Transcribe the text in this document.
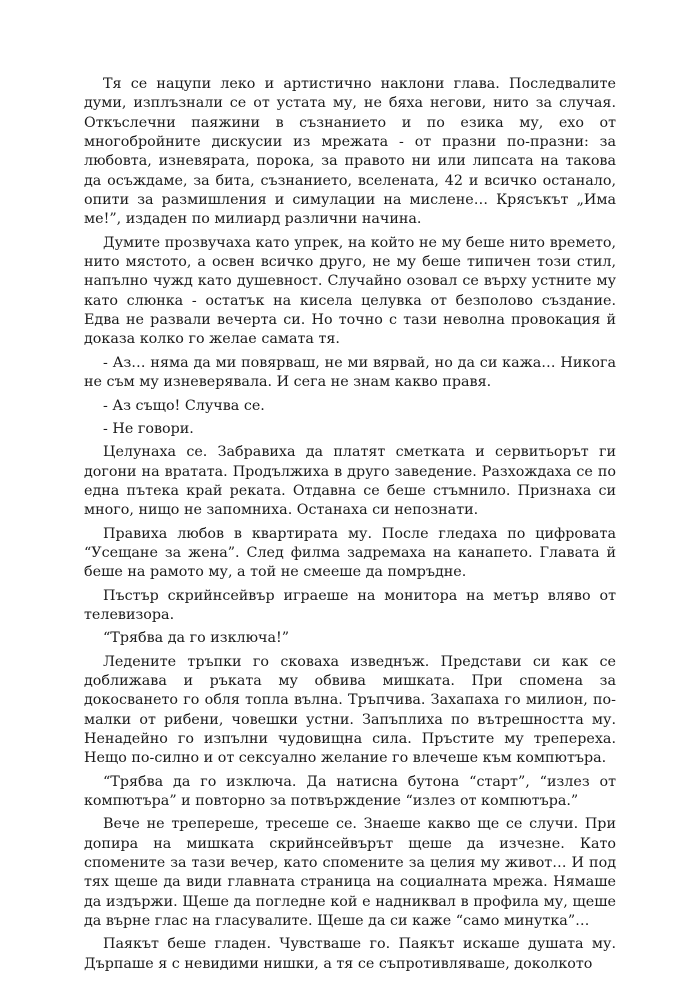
Тя се нацупи леко и артистично наклони глава. Последвалите думи, изплъзнали се от устата му, не бяха негови, нито за случая. Откъслечни паяжини в съзнанието и по езика му, ехо от многобройните дискусии из мрежата - от празни по-празни: за любовта, изневярата, порока, за правото ни или липсата на такова да осъждаме, за бита, съзнанието, вселената, 42 и всичко останало, опити за размишления и симулации на мислене… Крясъкът „Има ме!”, издаден по милиард различни начина.

Думите прозвучаха като упрек, на който не му беше нито времето, нито мястото, а освен всичко друго, не му беше типичен този стил, напълно чужд като душевност. Случайно озовал се върху устните му като слюнка - остатък на кисела целувка от безполово създание. Едва не развали вечерта си. Но точно с тази неволна провокация й доказа колко го желае самата тя.

- Аз… няма да ми повярваш, не ми вярвай, но да си кажа… Никога не съм му изневерявала. И сега не знам какво правя.

- Аз също! Случва се.

- Не говори.

Целунаха се. Забравиха да платят сметката и сервитьорът ги догони на вратата. Продължиха в друго заведение. Разхождаха се по една пътека край реката. Отдавна се беше стъмнило. Признаха си много, нищо не запомниха. Останаха си непознати.

Правиха любов в квартирата му. После гледаха по цифровата “Усещане за жена”. След филма задремаха на канапето. Главата й беше на рамото му, а той не смееше да помръдне.

Пъстър скрийнсейвър играеше на монитора на метър вляво от телевизора.

“Трябва да го изключа!”

Ледените тръпки го сковаха изведнъж. Представи си как се доближава и ръката му обвива мишката. При спомена за докосването го обля топла вълна. Тръпчива. Захапаха го милион, по-малки от рибени, човешки устни. Запъплиха по вътрешността му. Ненадейно го изпълни чудовищна сила. Пръстите му трепереха. Нещо по-силно и от сексуално желание го влечеше към компютъра.

“Трябва да го изключа. Да натисна бутона “старт”, “излез от компютъра” и повторно за потвърждение “излез от компютъра.”

Вече не трепереше, тресеше се. Знаеше какво ще се случи. При допира на мишката скрийнсейвърът щеше да изчезне. Като спомените за тази вечер, като спомените за целия му живот… И под тях щеше да види главната страница на социалната мрежа. Нямаше да издържи. Щеше да погледне кой е надниквал в профила му, щеше да върне глас на гласувалите. Щеше да си каже “само минутка”…

Паякът беше гладен. Чувстваше го. Паякът искаше душата му. Дърпаше я с невидими нишки, а тя се съпротивляваше, доколкото
